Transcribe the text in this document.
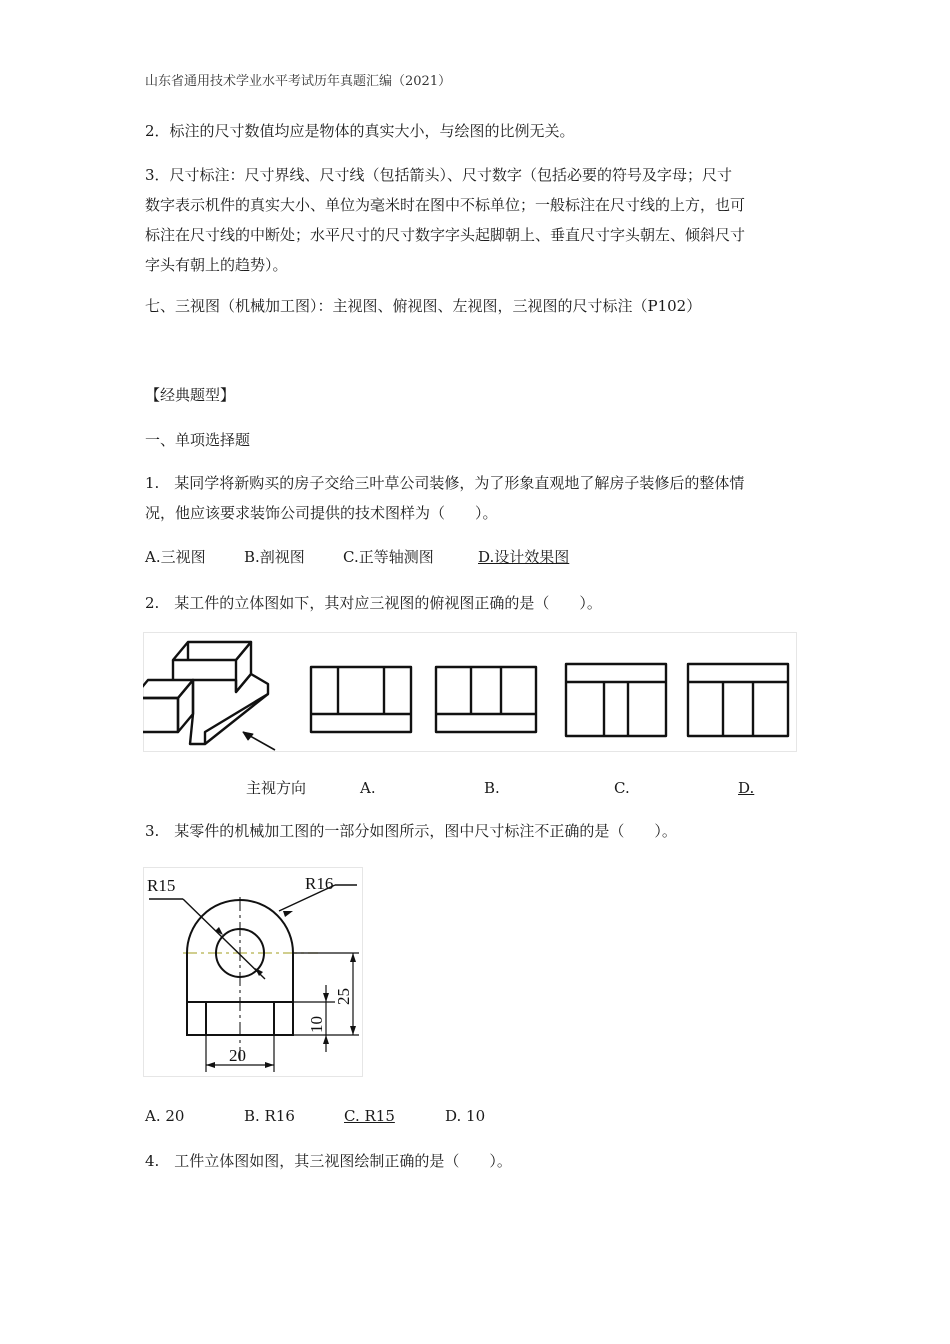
山东省通用技术学业水平考试历年真题汇编（2021）
2．标注的尺寸数值均应是物体的真实大小，与绘图的比例无关。
3．尺寸标注：尺寸界线、尺寸线（包括箭头）、尺寸数字（包括必要的符号及字母；尺寸
数字表示机件的真实大小、单位为毫米时在图中不标单位；一般标注在尺寸线的上方，也可
标注在尺寸线的中断处；水平尺寸的尺寸数字字头起脚朝上、垂直尺寸字头朝左、倾斜尺寸
字头有朝上的趋势）。
七、三视图（机械加工图）：主视图、俯视图、左视图，三视图的尺寸标注（P102）
【经典题型】
一、单项选择题
1.　某同学将新购买的房子交给三叶草公司装修，为了形象直观地了解房子装修后的整体情
况，他应该要求装饰公司提供的技术图样为（　　）。
A.三视图	B.剖视图	C.正等轴测图	D.设计效果图
2.　某工件的立体图如下，其对应三视图的俯视图正确的是（　　）。
主视方向	A.	B.	C.	D.
3.　某零件的机械加工图的一部分如图所示，图中尺寸标注不正确的是（　　）。
R15	R16
25
10
20
A. 20	B. R16	C. R15	D. 10
4.　工件立体图如图，其三视图绘制正确的是（　　）。
